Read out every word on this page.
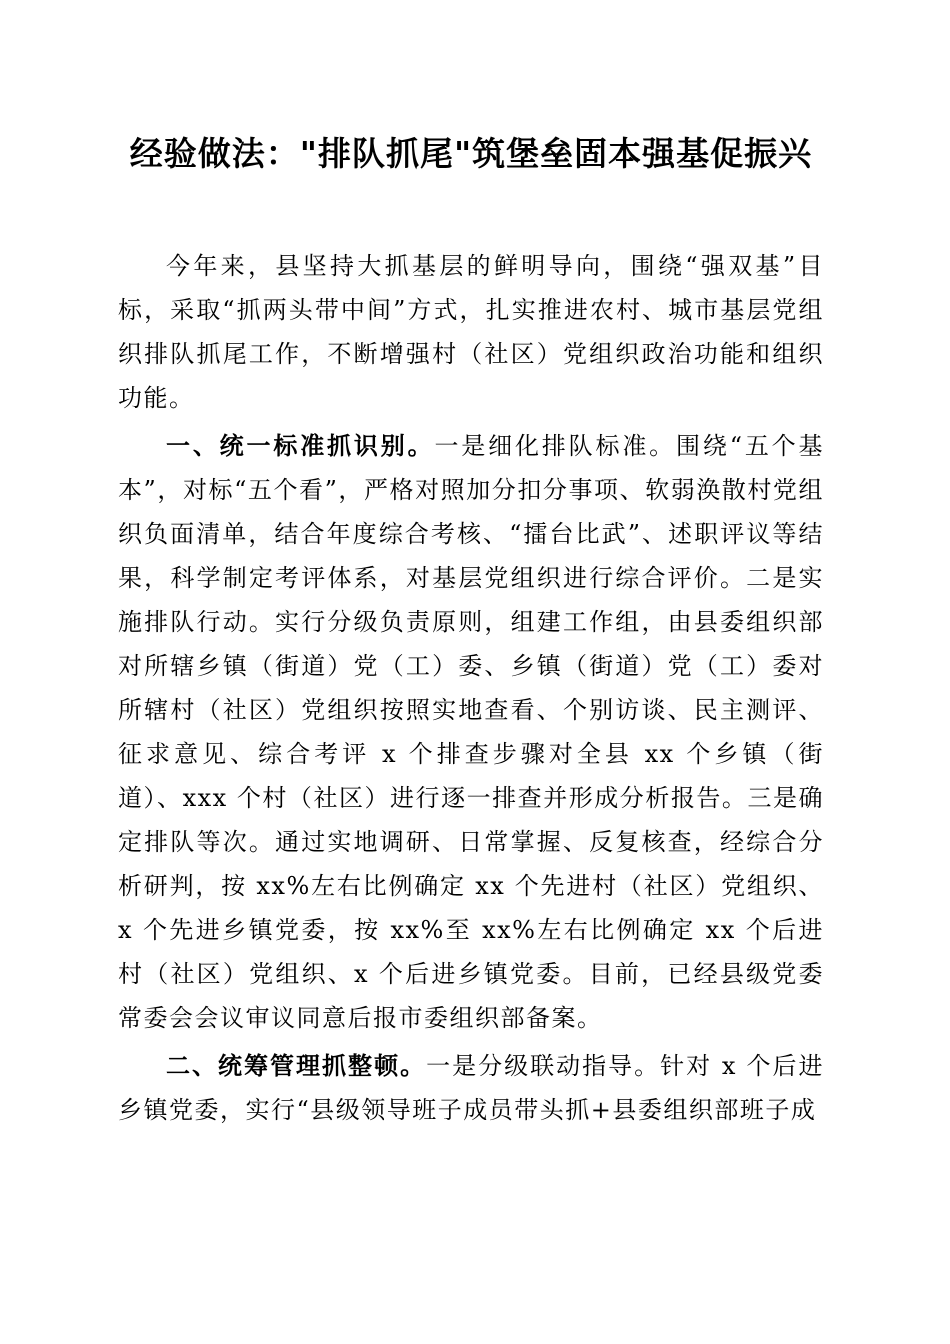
经验做法："排队抓尾"筑堡垒固本强基促振兴

今年来，县坚持大抓基层的鲜明导向，围绕“强双基”目标，采取“抓两头带中间”方式，扎实推进农村、城市基层党组织排队抓尾工作，不断增强村（社区）党组织政治功能和组织功能。

一、统一标准抓识别。一是细化排队标准。围绕“五个基本”，对标“五个看”，严格对照加分扣分事项、软弱涣散村党组织负面清单，结合年度综合考核、“擂台比武”、述职评议等结果，科学制定考评体系，对基层党组织进行综合评价。二是实施排队行动。实行分级负责原则，组建工作组，由县委组织部对所辖乡镇（街道）党（工）委、乡镇（街道）党（工）委对所辖村（社区）党组织按照实地查看、个别访谈、民主测评、征求意见、综合考评 x 个排查步骤对全县 xx 个乡镇（街道）、xxx 个村（社区）进行逐一排查并形成分析报告。三是确定排队等次。通过实地调研、日常掌握、反复核查，经综合分析研判，按 xx%左右比例确定 xx 个先进村（社区）党组织、x 个先进乡镇党委，按 xx%至 xx%左右比例确定 xx 个后进村（社区）党组织、x 个后进乡镇党委。目前，已经县级党委常委会会议审议同意后报市委组织部备案。

二、统筹管理抓整顿。一是分级联动指导。针对 x 个后进乡镇党委，实行“县级领导班子成员带头抓+县委组织部班子成
